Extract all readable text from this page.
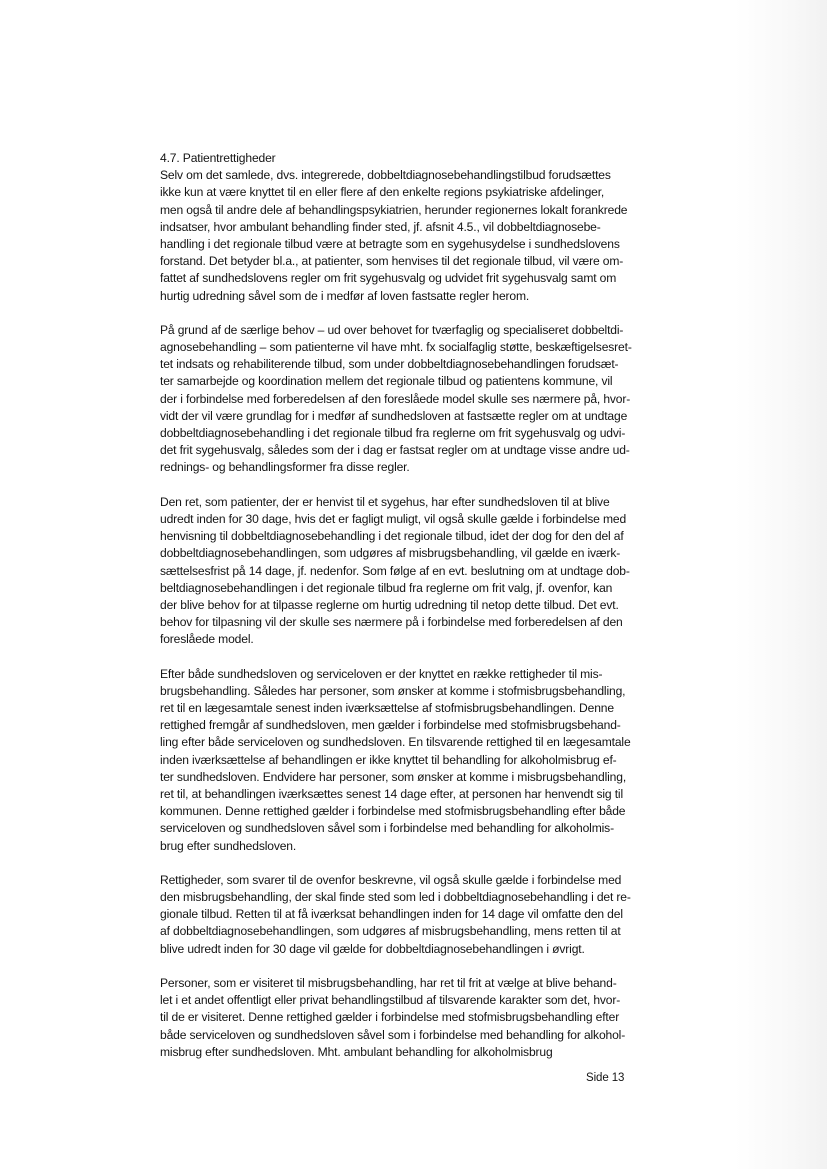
4.7. Patientrettigheder
Selv om det samlede, dvs. integrerede, dobbeltdiagnosebehandlingstilbud forudsættes
ikke kun at være knyttet til en eller flere af den enkelte regions psykiatriske afdelinger,
men også til andre dele af behandlingspsykiatrien, herunder regionernes lokalt forankrede
indsatser, hvor ambulant behandling finder sted, jf. afsnit 4.5., vil dobbeltdiagnosebe-
handling i det regionale tilbud være at betragte som en sygehusydelse i sundhedslovens
forstand. Det betyder bl.a., at patienter, som henvises til det regionale tilbud, vil være om-
fattet af sundhedslovens regler om frit sygehusvalg og udvidet frit sygehusvalg samt om
hurtig udredning såvel som de i medfør af loven fastsatte regler herom.
På grund af de særlige behov – ud over behovet for tværfaglig og specialiseret dobbeltdi-
agnosebehandling – som patienterne vil have mht. fx socialfaglig støtte, beskæftigelsesret-
tet indsats og rehabiliterende tilbud, som under dobbeltdiagnosebehandlingen forudsæt-
ter samarbejde og koordination mellem det regionale tilbud og patientens kommune, vil
der i forbindelse med forberedelsen af den foreslåede model skulle ses nærmere på, hvor-
vidt der vil være grundlag for i medfør af sundhedsloven at fastsætte regler om at undtage
dobbeltdiagnosebehandling i det regionale tilbud fra reglerne om frit sygehusvalg og udvi-
det frit sygehusvalg, således som der i dag er fastsat regler om at undtage visse andre ud-
rednings- og behandlingsformer fra disse regler.
Den ret, som patienter, der er henvist til et sygehus, har efter sundhedsloven til at blive
udredt inden for 30 dage, hvis det er fagligt muligt, vil også skulle gælde i forbindelse med
henvisning til dobbeltdiagnosebehandling i det regionale tilbud, idet der dog for den del af
dobbeltdiagnosebehandlingen, som udgøres af misbrugsbehandling, vil gælde en iværk-
sættelsesfrist på 14 dage, jf. nedenfor. Som følge af en evt. beslutning om at undtage dob-
beltdiagnosebehandlingen i det regionale tilbud fra reglerne om frit valg, jf. ovenfor, kan
der blive behov for at tilpasse reglerne om hurtig udredning til netop dette tilbud. Det evt.
behov for tilpasning vil der skulle ses nærmere på i forbindelse med forberedelsen af den
foreslåede model.
Efter både sundhedsloven og serviceloven er der knyttet en række rettigheder til mis-
brugsbehandling. Således har personer, som ønsker at komme i stofmisbrugsbehandling,
ret til en lægesamtale senest inden iværksættelse af stofmisbrugsbehandlingen. Denne
rettighed fremgår af sundhedsloven, men gælder i forbindelse med stofmisbrugsbehand-
ling efter både serviceloven og sundhedsloven. En tilsvarende rettighed til en lægesamtale
inden iværksættelse af behandlingen er ikke knyttet til behandling for alkoholmisbrug ef-
ter sundhedsloven. Endvidere har personer, som ønsker at komme i misbrugsbehandling,
ret til, at behandlingen iværksættes senest 14 dage efter, at personen har henvendt sig til
kommunen. Denne rettighed gælder i forbindelse med stofmisbrugsbehandling efter både
serviceloven og sundhedsloven såvel som i forbindelse med behandling for alkoholmis-
brug efter sundhedsloven.
Rettigheder, som svarer til de ovenfor beskrevne, vil også skulle gælde i forbindelse med
den misbrugsbehandling, der skal finde sted som led i dobbeltdiagnosebehandling i det re-
gionale tilbud. Retten til at få iværksat behandlingen inden for 14 dage vil omfatte den del
af dobbeltdiagnosebehandlingen, som udgøres af misbrugsbehandling, mens retten til at
blive udredt inden for 30 dage vil gælde for dobbeltdiagnosebehandlingen i øvrigt.
Personer, som er visiteret til misbrugsbehandling, har ret til frit at vælge at blive behand-
let i et andet offentligt eller privat behandlingstilbud af tilsvarende karakter som det, hvor-
til de er visiteret. Denne rettighed gælder i forbindelse med stofmisbrugsbehandling efter
både serviceloven og sundhedsloven såvel som i forbindelse med behandling for alkohol-
misbrug efter sundhedsloven. Mht. ambulant behandling for alkoholmisbrug
Side 13
